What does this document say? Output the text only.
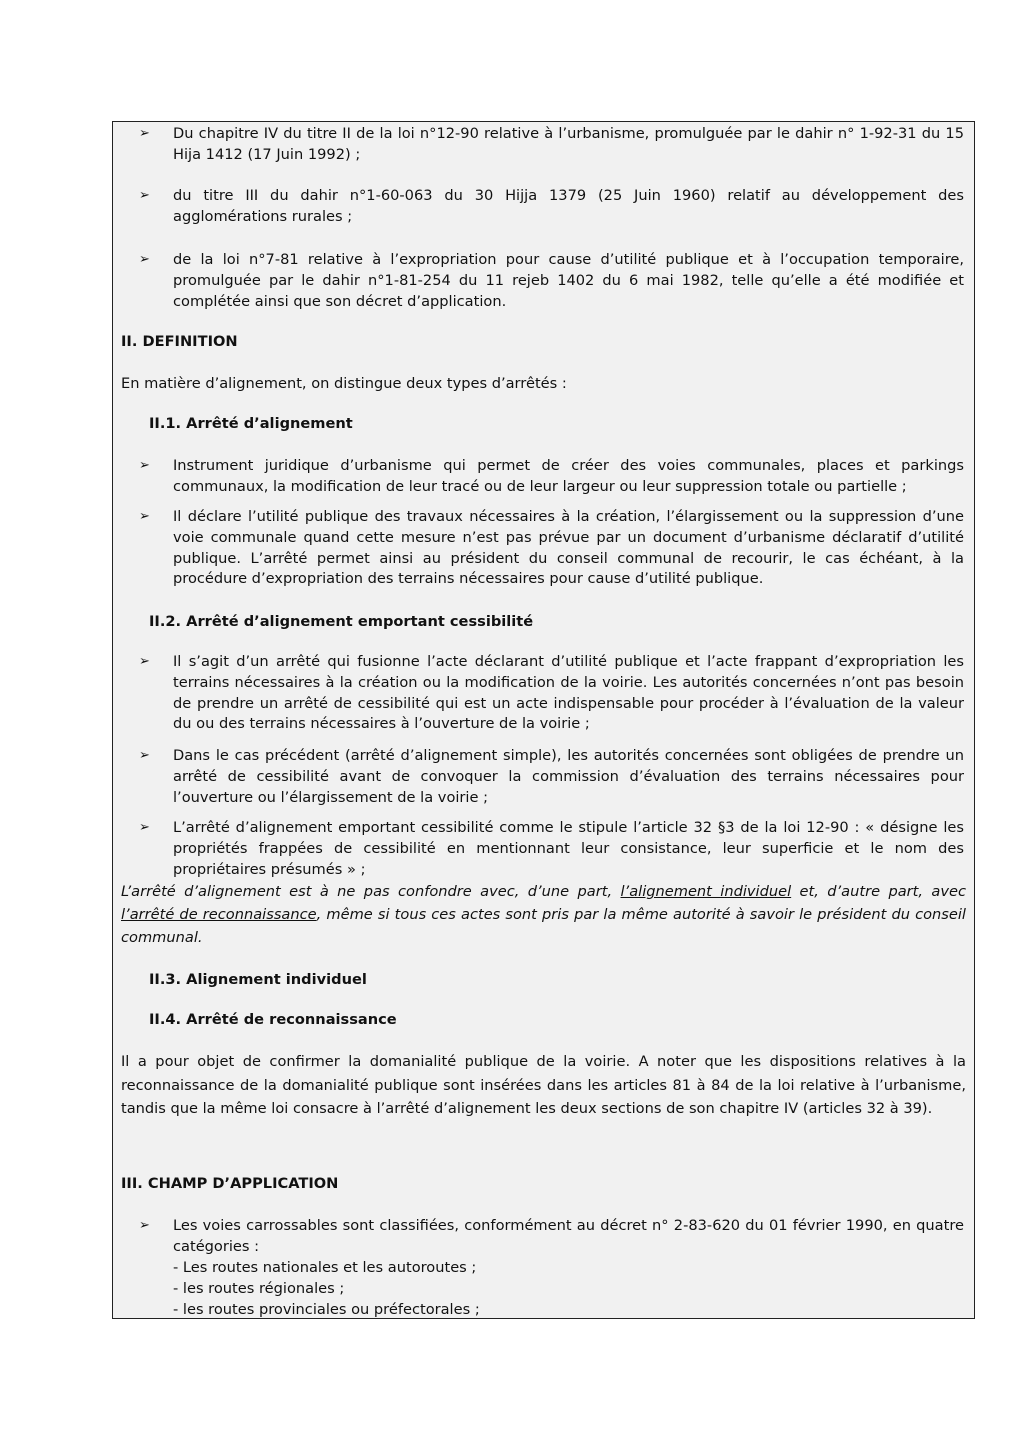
➢ Du chapitre IV du titre II de la loi n°12-90 relative à l’urbanisme, promulguée par le dahir n° 1-92-31 du 15 Hija 1412 (17 Juin 1992) ;
➢ du titre III du dahir n°1-60-063 du 30 Hijja 1379 (25 Juin 1960) relatif au développement des agglomérations rurales ;
➢ de la loi n°7-81 relative à l’expropriation pour cause d’utilité publique et à l’occupation temporaire, promulguée par le dahir n°1-81-254 du 11 rejeb 1402 du 6 mai 1982, telle qu’elle a été modifiée et complétée ainsi que son décret d’application.
II. DEFINITION
En matière d’alignement, on distingue deux types d’arrêtés :
II.1. Arrêté d’alignement
➢ Instrument juridique d’urbanisme qui permet de créer des voies communales, places et parkings communaux, la modification de leur tracé ou de leur largeur ou leur suppression totale ou partielle ;
➢ Il déclare l’utilité publique des travaux nécessaires à la création, l’élargissement ou la suppression d’une voie communale quand cette mesure n’est pas prévue par un document d’urbanisme déclaratif d’utilité publique. L’arrêté permet ainsi au président du conseil communal de recourir, le cas échéant, à la procédure d’expropriation des terrains nécessaires pour cause d’utilité publique.
II.2. Arrêté d’alignement emportant cessibilité
➢ Il s’agit d’un arrêté qui fusionne l’acte déclarant d’utilité publique et l’acte frappant d’expropriation les terrains nécessaires à la création ou la modification de la voirie. Les autorités concernées n’ont pas besoin de prendre un arrêté de cessibilité qui est un acte indispensable pour procéder à l’évaluation de la valeur du ou des terrains nécessaires à l’ouverture de la voirie ;
➢ Dans le cas précédent (arrêté d’alignement simple), les autorités concernées sont obligées de prendre un arrêté de cessibilité avant de convoquer la commission d’évaluation des terrains nécessaires pour l’ouverture ou l’élargissement de la voirie ;
➢ L’arrêté d’alignement emportant cessibilité comme le stipule l’article 32 §3 de la loi 12-90 : « désigne les propriétés frappées de cessibilité en mentionnant leur consistance, leur superficie et le nom des propriétaires présumés » ;
L’arrêté d’alignement est à ne pas confondre avec, d’une part, l’alignement individuel et, d’autre part, avec l’arrêté de reconnaissance, même si tous ces actes sont pris par la même autorité à savoir le président du conseil communal.
II.3. Alignement individuel
II.4. Arrêté de reconnaissance
Il a pour objet de confirmer la domanialité publique de la voirie. A noter que les dispositions relatives à la reconnaissance de la domanialité publique sont insérées dans les articles 81 à 84 de la loi relative à l’urbanisme, tandis que la même loi consacre à l’arrêté d’alignement les deux sections de son chapitre IV (articles 32 à 39).
III. CHAMP D’APPLICATION
➢ Les voies carrossables sont classifiées, conformément au décret n° 2-83-620 du 01 février 1990, en quatre catégories :
- Les routes nationales et les autoroutes ;
- les routes régionales ;
- les routes provinciales ou préfectorales ;
